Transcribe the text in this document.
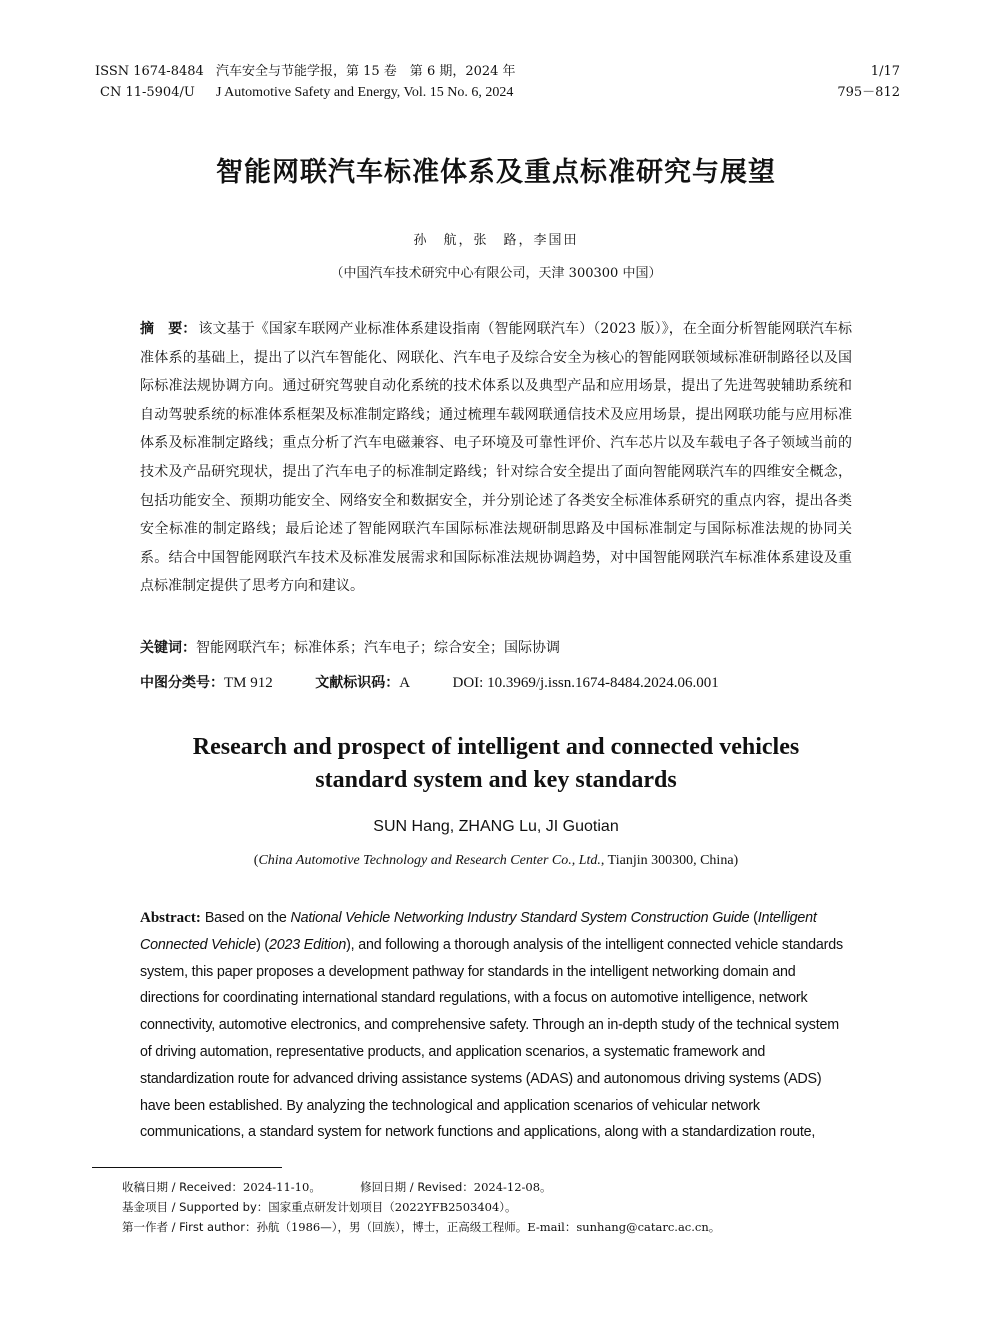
ISSN 1674-8484
CN 11-5904/U
汽车安全与节能学报，第 15 卷　第 6 期，2024 年
J Automotive Safety and Energy, Vol. 15 No. 6, 2024
1/17
795－812
智能网联汽车标准体系及重点标准研究与展望
孙　航，张　路，李国田
（中国汽车技术研究中心有限公司，天津 300300 中国）
摘　要： 该文基于《国家车联网产业标准体系建设指南（智能网联汽车）（2023 版）》，在全面分析智能网联汽车标准体系的基础上，提出了以汽车智能化、网联化、汽车电子及综合安全为核心的智能网联领域标准研制路径以及国际标准法规协调方向。通过研究驾驶自动化系统的技术体系以及典型产品和应用场景，提出了先进驾驶辅助系统和自动驾驶系统的标准体系框架及标准制定路线；通过梳理车载网联通信技术及应用场景，提出网联功能与应用标准体系及标准制定路线；重点分析了汽车电磁兼容、电子环境及可靠性评价、汽车芯片以及车载电子各子领域当前的技术及产品研究现状，提出了汽车电子的标准制定路线；针对综合安全提出了面向智能网联汽车的四维安全概念，包括功能安全、预期功能安全、网络安全和数据安全，并分别论述了各类安全标准体系研究的重点内容，提出各类安全标准的制定路线；最后论述了智能网联汽车国际标准法规研制思路及中国标准制定与国际标准法规的协同关系。结合中国智能网联汽车技术及标准发展需求和国际标准法规协调趋势，对中国智能网联汽车标准体系建设及重点标准制定提供了思考方向和建议。
关键词：智能网联汽车；标准体系；汽车电子；综合安全；国际协调
中图分类号：TM 912	文献标识码：A	DOI: 10.3969/j.issn.1674-8484.2024.06.001
Research and prospect of intelligent and connected vehicles
standard system and key standards
SUN Hang, ZHANG Lu, JI Guotian
(China Automotive Technology and Research Center Co., Ltd., Tianjin 300300, China)
Abstract: Based on the National Vehicle Networking Industry Standard System Construction Guide (Intelligent Connected Vehicle) (2023 Edition), and following a thorough analysis of the intelligent connected vehicle standards system, this paper proposes a development pathway for standards in the intelligent networking domain and directions for coordinating international standard regulations, with a focus on automotive intelligence, network connectivity, automotive electronics, and comprehensive safety. Through an in-depth study of the technical system of driving automation, representative products, and application scenarios, a systematic framework and standardization route for advanced driving assistance systems (ADAS) and autonomous driving systems (ADS) have been established. By analyzing the technological and application scenarios of vehicular network communications, a standard system for network functions and applications, along with a standardization route,
收稿日期 / Received：2024-11-10。	修回日期 / Revised：2024-12-08。
基金项目 / Supported by：国家重点研发计划项目（2022YFB2503404）。
第一作者 / First author：孙航（1986—），男（回族），博士，正高级工程师。E-mail：sunhang@catarc.ac.cn。
